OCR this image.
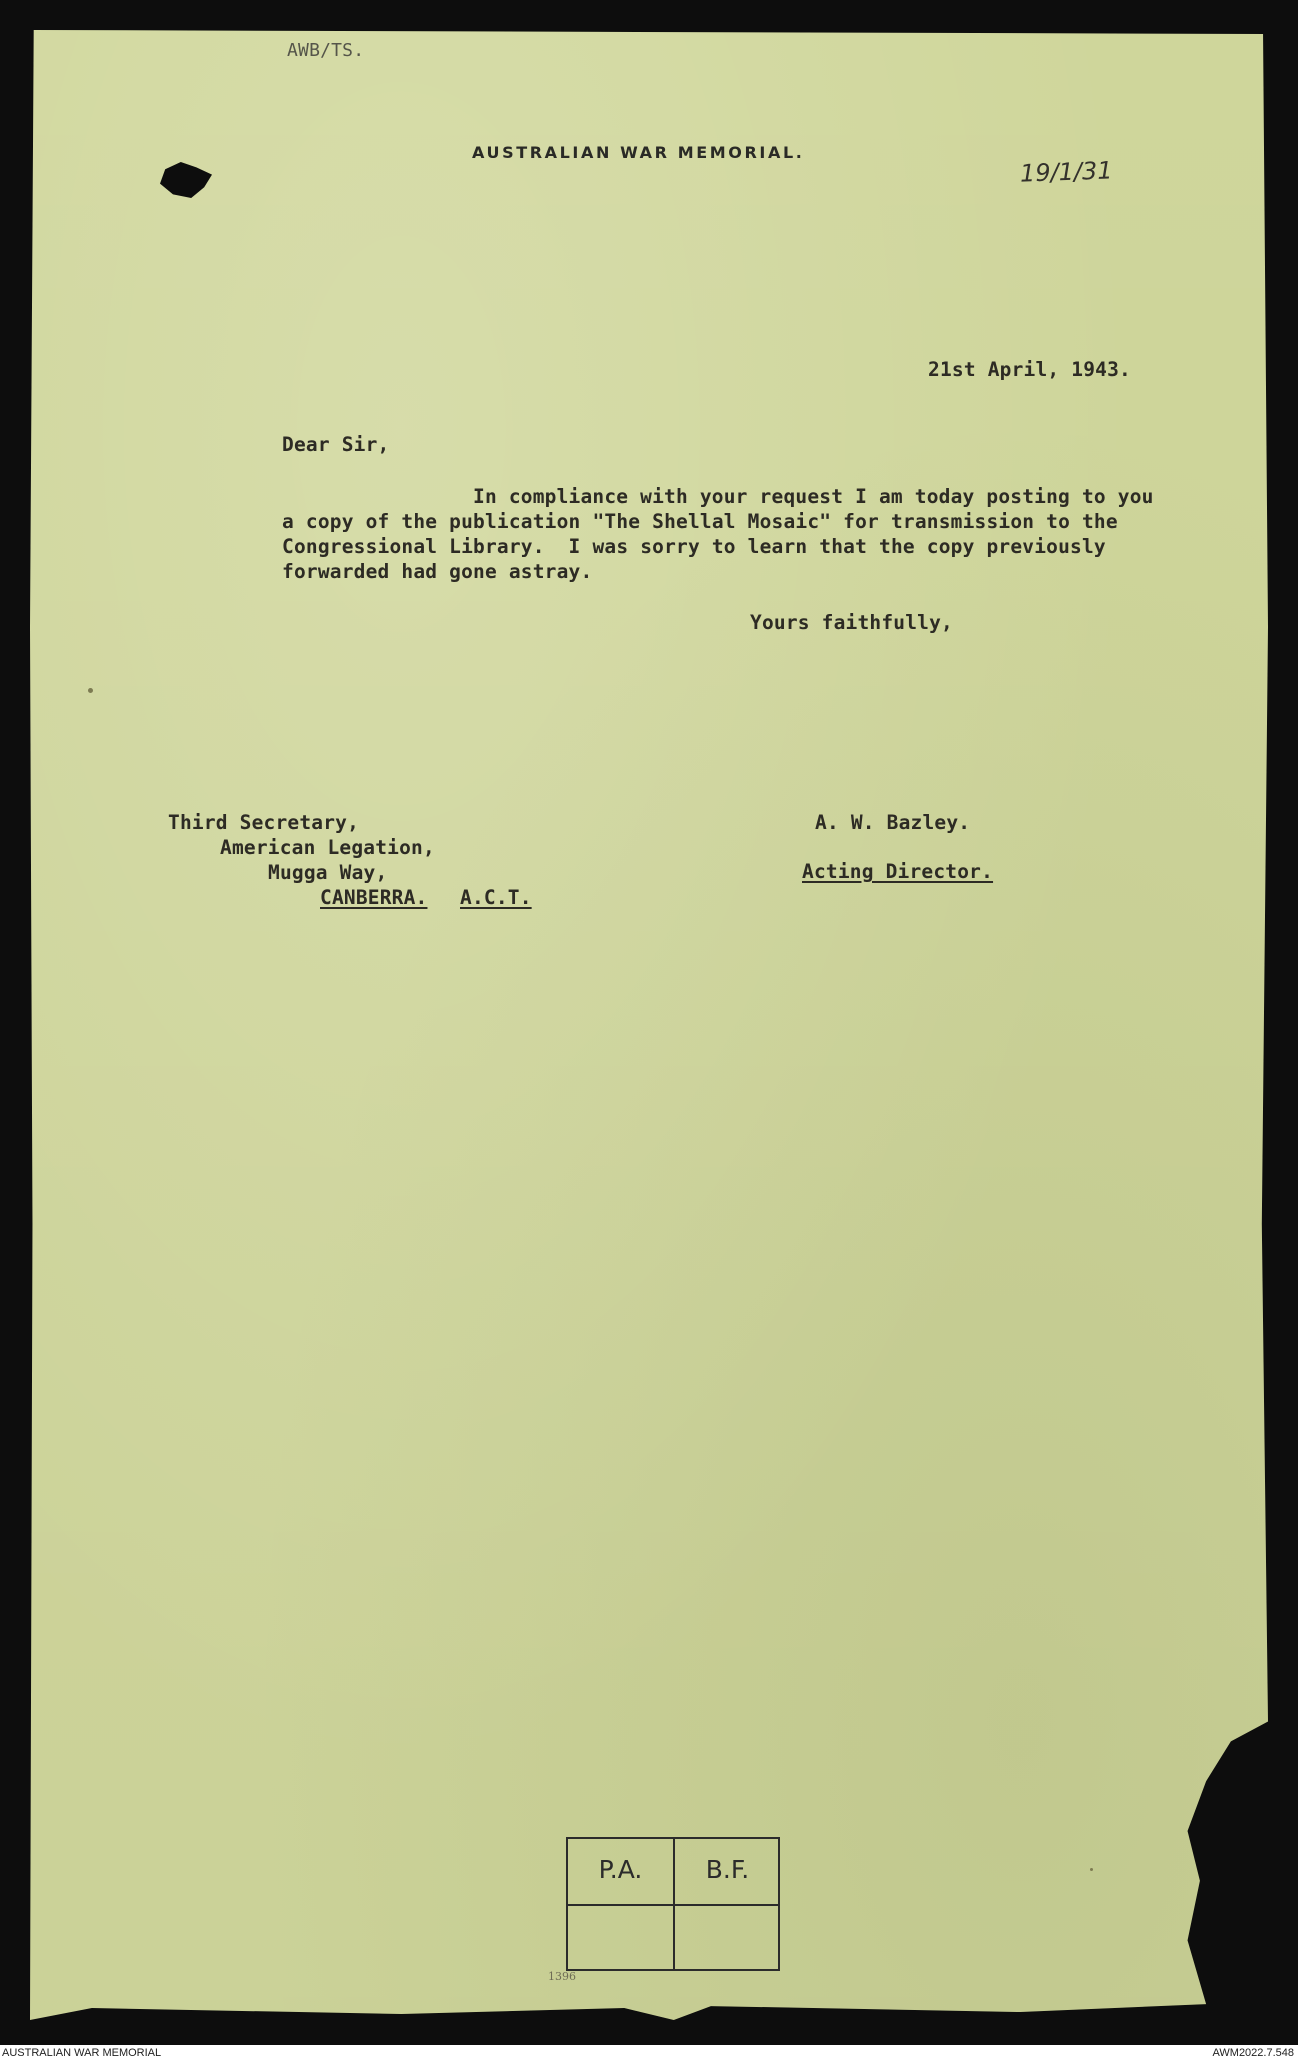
AWB/TS.
AUSTRALIAN WAR MEMORIAL.
19/1/31
21st April, 1943.
Dear Sir,
In compliance with your request I am today posting to you
a copy of the publication "The Shellal Mosaic" for transmission to the
Congressional Library.  I was sorry to learn that the copy previously
forwarded had gone astray.
Yours faithfully,
Third Secretary,
American Legation,
Mugga Way,
CANBERRA. A.C.T.
A. W. Bazley.
Acting Director.
P.A.	B.F.
1396
AUSTRALIAN WAR MEMORIAL	AWM2022.7.548
